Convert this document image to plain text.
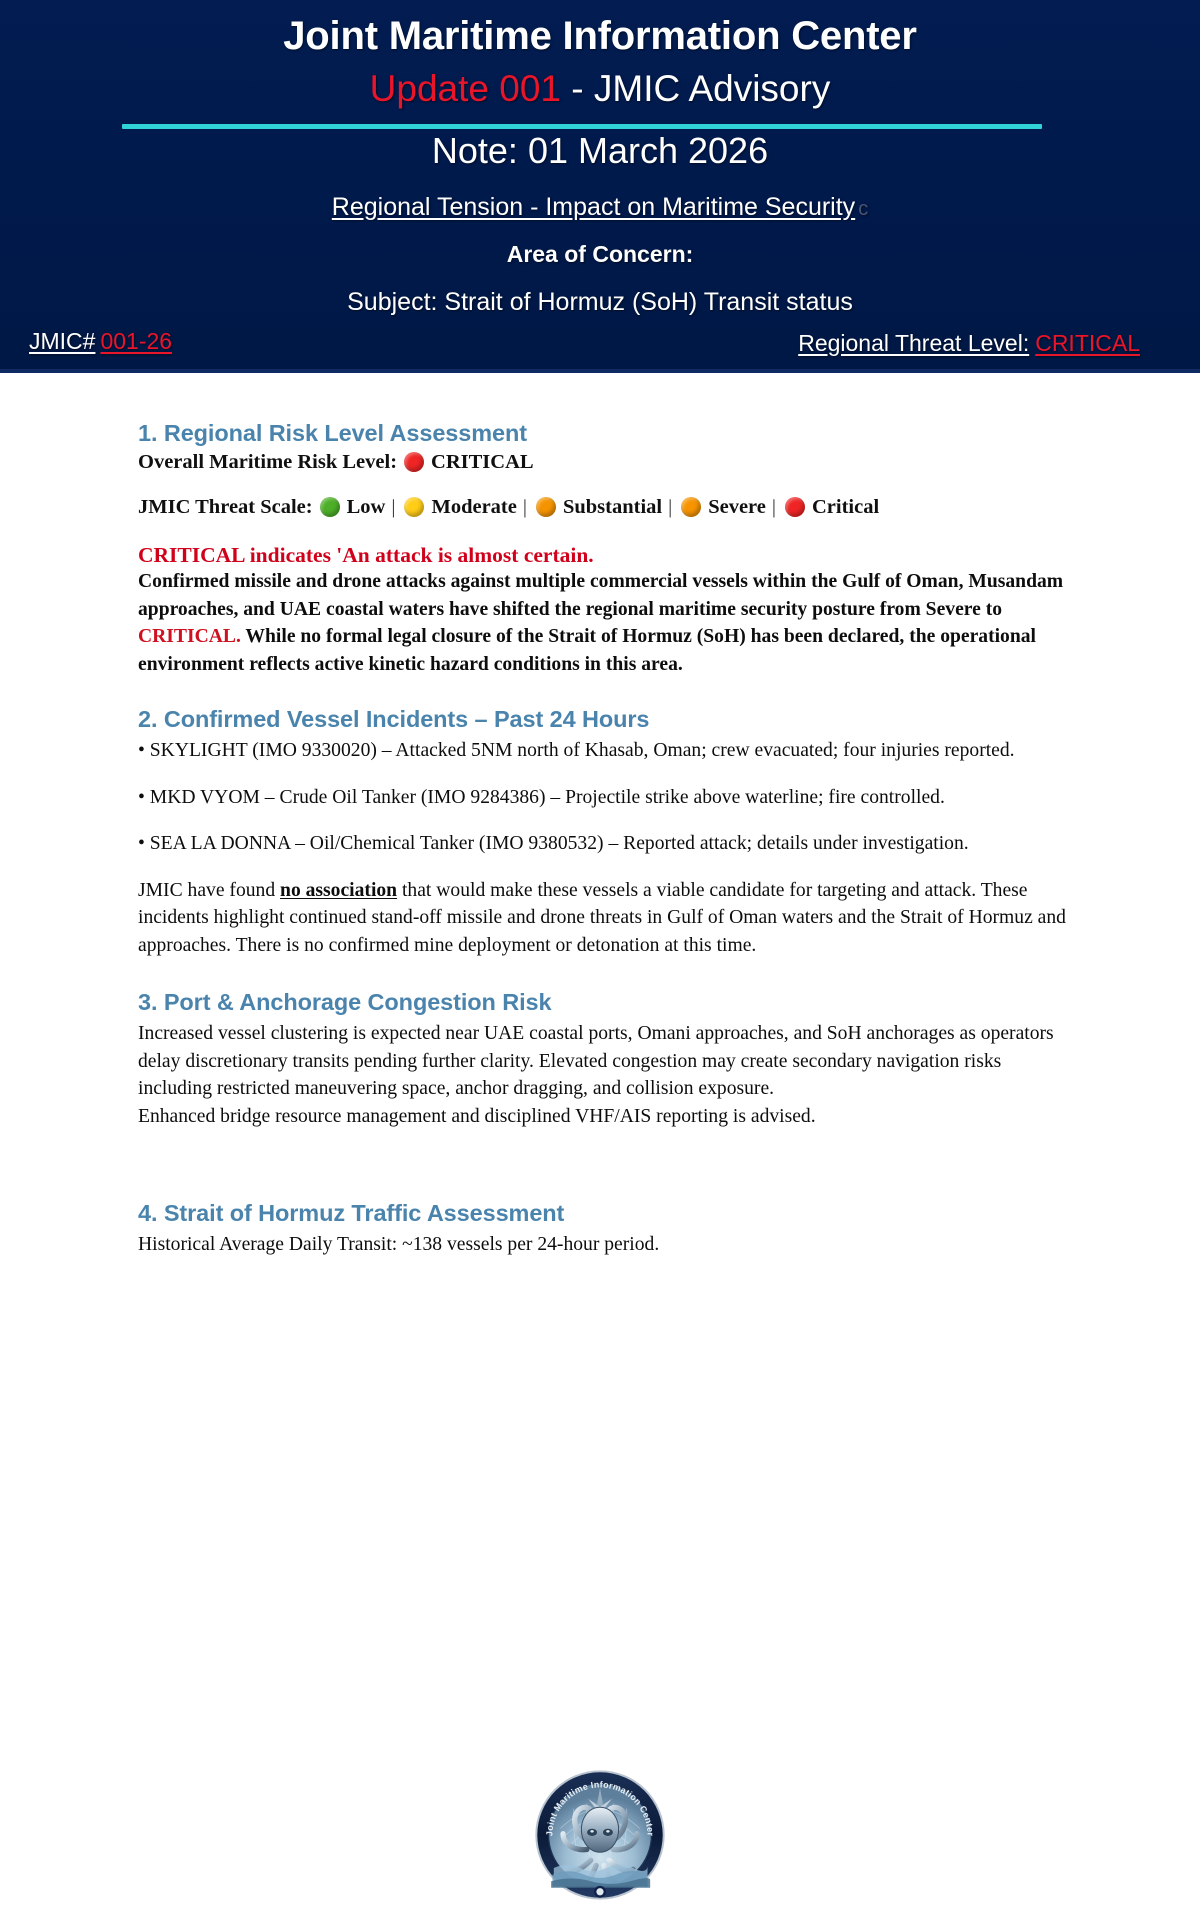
Joint Maritime Information Center
Update 001 - JMIC Advisory
Note: 01 March 2026
Regional Tension - Impact on Maritime Security c
Area of Concern:
Subject: Strait of Hormuz (SoH) Transit status
JMIC# 001-26	Regional Threat Level: CRITICAL
1. Regional Risk Level Assessment
Overall Maritime Risk Level: CRITICAL
JMIC Threat Scale: Low | Moderate | Substantial | Severe | Critical
CRITICAL indicates 'An attack is almost certain.

Confirmed missile and drone attacks against multiple commercial vessels within the Gulf of Oman, Musandam approaches, and UAE coastal waters have shifted the regional maritime security posture from Severe to CRITICAL. While no formal legal closure of the Strait of Hormuz (SoH) has been declared, the operational environment reflects active kinetic hazard conditions in this area.

2. Confirmed Vessel Incidents – Past 24 Hours
• SKYLIGHT (IMO 9330020) – Attacked 5NM north of Khasab, Oman; crew evacuated; four injuries reported.
• MKD VYOM – Crude Oil Tanker (IMO 9284386) – Projectile strike above waterline; fire controlled.
• SEA LA DONNA – Oil/Chemical Tanker (IMO 9380532) – Reported attack; details under investigation.

JMIC have found no association that would make these vessels a viable candidate for targeting and attack. These incidents highlight continued stand-off missile and drone threats in Gulf of Oman waters and the Strait of Hormuz and approaches. There is no confirmed mine deployment or detonation at this time.

3. Port & Anchorage Congestion Risk

Increased vessel clustering is expected near UAE coastal ports, Omani approaches, and SoH anchorages as operators delay discretionary transits pending further clarity. Elevated congestion may create secondary navigation risks including restricted maneuvering space, anchor dragging, and collision exposure.

Enhanced bridge resource management and disciplined VHF/AIS reporting is advised.

4. Strait of Hormuz Traffic Assessment

Historical Average Daily Transit: ~138 vessels per 24-hour period.

Joint Maritime Information Center
